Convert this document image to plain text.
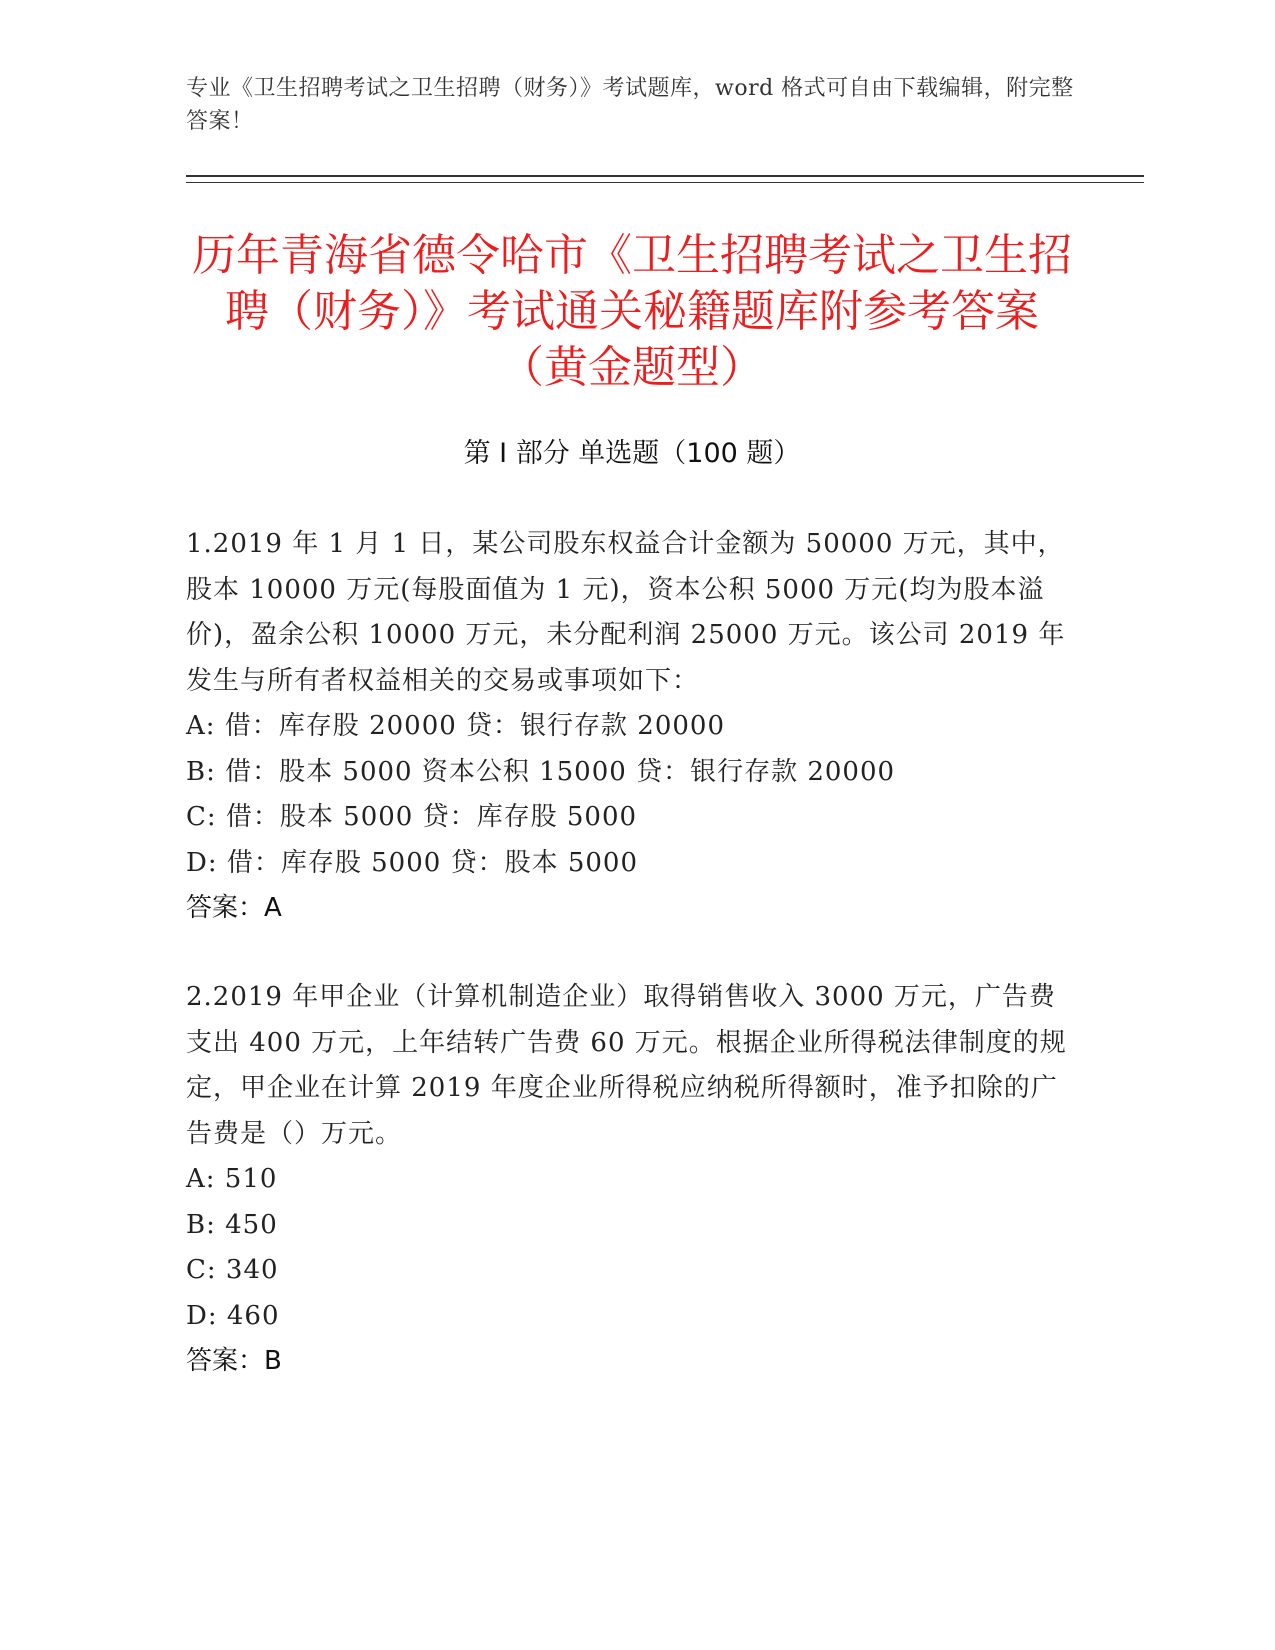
专业《卫生招聘考试之卫生招聘（财务）》考试题库，word 格式可自由下载编辑，附完整答案！
历年青海省德令哈市《卫生招聘考试之卫生招聘（财务）》考试通关秘籍题库附参考答案（黄金题型）
第 I 部分 单选题（100 题）
1.2019 年 1 月 1 日，某公司股东权益合计金额为 50000 万元，其中，股本 10000 万元(每股面值为 1 元)，资本公积 5000 万元(均为股本溢价)，盈余公积 10000 万元，未分配利润 25000 万元。该公司 2019 年发生与所有者权益相关的交易或事项如下：
A: 借：库存股 20000 贷：银行存款 20000
B: 借：股本 5000 资本公积 15000 贷：银行存款 20000
C: 借：股本 5000 贷：库存股 5000
D: 借：库存股 5000 贷：股本 5000
答案：A
2.2019 年甲企业（计算机制造企业）取得销售收入 3000 万元，广告费支出 400 万元，上年结转广告费 60 万元。根据企业所得税法律制度的规定，甲企业在计算 2019 年度企业所得税应纳税所得额时，准予扣除的广告费是（）万元。
A: 510
B: 450
C: 340
D: 460
答案：B
